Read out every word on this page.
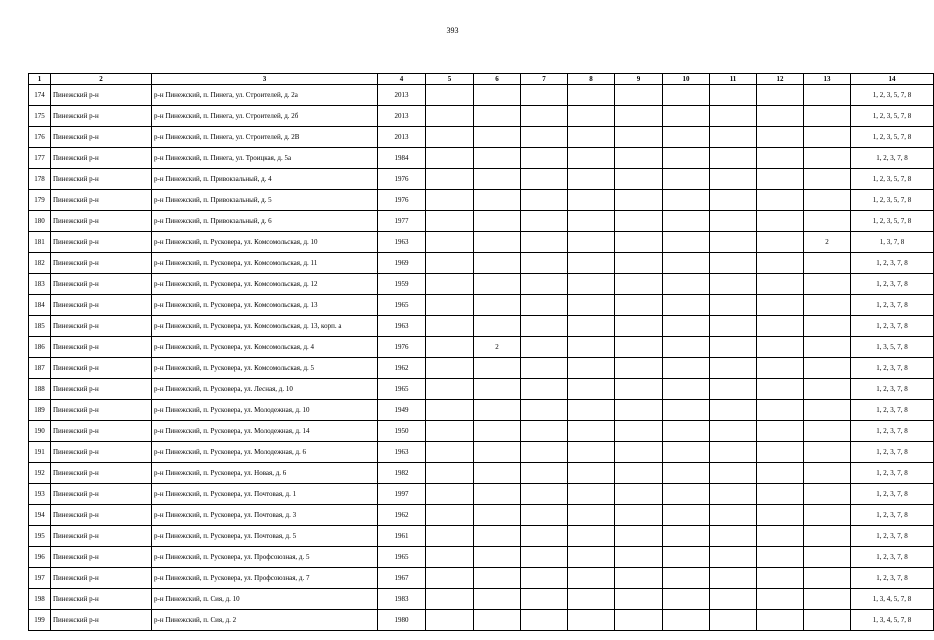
393
1	2	3	4	5	6	7	8	9	10	11	12	13	14
174	Пинежский р-н	р-н Пинежский, п. Пинега, ул. Строителей, д. 2а	2013										1, 2, 3, 5, 7, 8
175	Пинежский р-н	р-н Пинежский, п. Пинега, ул. Строителей, д. 2б	2013										1, 2, 3, 5, 7, 8
176	Пинежский р-н	р-н Пинежский, п. Пинега, ул. Строителей, д. 2В	2013										1, 2, 3, 5, 7, 8
177	Пинежский р-н	р-н Пинежский, п. Пинега, ул. Троицкая, д. 5а	1984										1, 2, 3, 7, 8
178	Пинежский р-н	р-н Пинежский, п. Привокзальный, д. 4	1976										1, 2, 3, 5, 7, 8
179	Пинежский р-н	р-н Пинежский, п. Привокзальный, д. 5	1976										1, 2, 3, 5, 7, 8
180	Пинежский р-н	р-н Пинежский, п. Привокзальный, д. 6	1977										1, 2, 3, 5, 7, 8
181	Пинежский р-н	р-н Пинежский, п. Русковера, ул. Комсомольская, д. 10	1963									2	1, 3, 7, 8
182	Пинежский р-н	р-н Пинежский, п. Русковера, ул. Комсомольская, д. 11	1969										1, 2, 3, 7, 8
183	Пинежский р-н	р-н Пинежский, п. Русковера, ул. Комсомольская, д. 12	1959										1, 2, 3, 7, 8
184	Пинежский р-н	р-н Пинежский, п. Русковера, ул. Комсомольская, д. 13	1965										1, 2, 3, 7, 8
185	Пинежский р-н	р-н Пинежский, п. Русковера, ул. Комсомольская, д. 13, корп. а	1963										1, 2, 3, 7, 8
186	Пинежский р-н	р-н Пинежский, п. Русковера, ул. Комсомольская, д. 4	1976		2								1, 3, 5, 7, 8
187	Пинежский р-н	р-н Пинежский, п. Русковера, ул. Комсомольская, д. 5	1962										1, 2, 3, 7, 8
188	Пинежский р-н	р-н Пинежский, п. Русковера, ул. Лесная, д. 10	1965										1, 2, 3, 7, 8
189	Пинежский р-н	р-н Пинежский, п. Русковера, ул. Молодежная, д. 10	1949										1, 2, 3, 7, 8
190	Пинежский р-н	р-н Пинежский, п. Русковера, ул. Молодежная, д. 14	1950										1, 2, 3, 7, 8
191	Пинежский р-н	р-н Пинежский, п. Русковера, ул. Молодежная, д. 6	1963										1, 2, 3, 7, 8
192	Пинежский р-н	р-н Пинежский, п. Русковера, ул. Новая, д. 6	1982										1, 2, 3, 7, 8
193	Пинежский р-н	р-н Пинежский, п. Русковера, ул. Почтовая, д. 1	1997										1, 2, 3, 7, 8
194	Пинежский р-н	р-н Пинежский, п. Русковера, ул. Почтовая, д. 3	1962										1, 2, 3, 7, 8
195	Пинежский р-н	р-н Пинежский, п. Русковера, ул. Почтовая, д. 5	1961										1, 2, 3, 7, 8
196	Пинежский р-н	р-н Пинежский, п. Русковера, ул. Профсоюзная, д. 5	1965										1, 2, 3, 7, 8
197	Пинежский р-н	р-н Пинежский, п. Русковера, ул. Профсоюзная, д. 7	1967										1, 2, 3, 7, 8
198	Пинежский р-н	р-н Пинежский, п. Сия, д. 10	1983										1, 3, 4, 5, 7, 8
199	Пинежский р-н	р-н Пинежский, п. Сия, д. 2	1980										1, 3, 4, 5, 7, 8
